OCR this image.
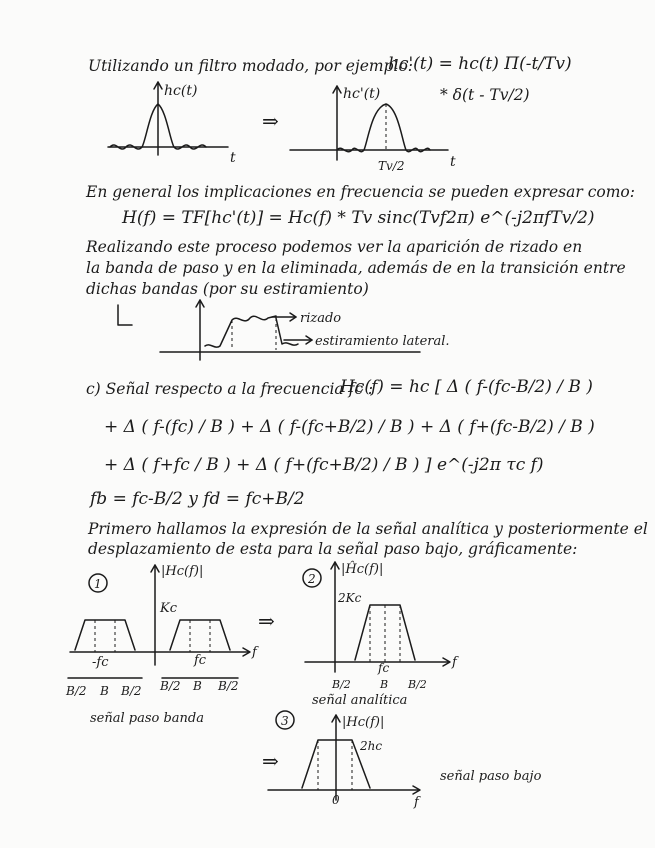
Utilizando un filtro modado, por ejemplo:
hc'(t) = hc(t) Π(-t/Tv)
* δ(t - Tv/2)
hc(t)
t
⇒
hc'(t)
Tv/2	t
En general los implicaciones en frecuencia se pueden expresar como:
H(f) = TF[hc'(t)] = Hc(f) * Tv sinc(Tvf2π) e^(-j2πfTv/2)
Realizando este proceso podemos ver la aparición de rizado en
la banda de paso y en la eliminada, además de en la transición entre
dichas bandas (por su estiramiento)
rizado
estiramiento lateral.
c) Señal respecto a la frecuencia fc :
Hc(f) = hc [ Δ ( f-(fc-B/2) / B )
+ Δ ( f-(fc) / B ) + Δ ( f-(fc+B/2) / B ) + Δ ( f+(fc-B/2) / B )
+ Δ ( f+fc / B ) + Δ ( f+(fc+B/2) / B ) ] e^(-j2π τc f)
fb = fc-B/2 y fd = fc+B/2
Primero hallamos la expresión de la señal analítica y posteriormente el
desplazamiento de esta para la señal paso bajo, gráficamente:
1
|Hc(f)|
Kc
-fc	fc
f
B/2 B B/2 B/2 B B/2
señal paso banda
⇒
2
|Ĥc(f)|
2Kc
fc	f
B/2	B B/2
señal analítica
3
⇒
|Hc(f)|
2hc
0	f
señal paso bajo
